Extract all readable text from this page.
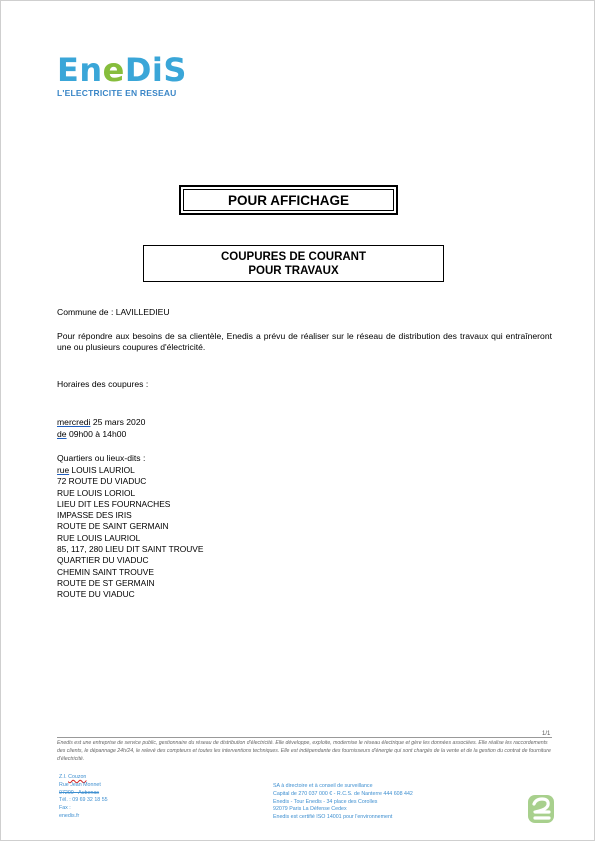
EneDiS
L'ELECTRICITE EN RESEAU
POUR AFFICHAGE
COUPURES DE COURANT
POUR TRAVAUX
Commune de : LAVILLEDIEU
Pour répondre aux besoins de sa clientèle, Enedis a prévu de réaliser sur le réseau de distribution des travaux qui entraîneront une ou plusieurs coupures d'électricité.
Horaires des coupures :
mercredi 25 mars 2020
de 09h00 à 14h00
Quartiers ou lieux-dits :
rue LOUIS LAURIOL
72 ROUTE DU VIADUC
RUE LOUIS LORIOL
LIEU DIT LES FOURNACHES
IMPASSE DES IRIS
ROUTE DE SAINT GERMAIN
RUE LOUIS LAURIOL
85, 117, 280 LIEU DIT SAINT TROUVE
QUARTIER DU VIADUC
CHEMIN SAINT TROUVE
ROUTE DE ST GERMAIN
ROUTE DU VIADUC
1/1
Enedis est une entreprise de service public, gestionnaire du réseau de distribution d'électricité. Elle développe, exploite, modernise le réseau électrique et gère les données associées. Elle réalise les raccordements des clients, le dépannage 24h/24, le relevé des compteurs et toutes les interventions techniques. Elle est indépendante des fournisseurs d'énergie qui sont chargés de la vente et de la gestion du contrat de fourniture d'électricité.
Z.I. Couzon
Rue Jean Monnet
07200 - Aubenas
Tél. : 09 69 32 18 55
Fax :
enedis.fr
SA à directoire et à conseil de surveillance
Capital de 270 037 000 € - R.C.S. de Nanterre 444 608 442
Enedis - Tour Enedis - 34 place des Corolles
92079 Paris La Défense Cedex
Enedis est certifié ISO 14001 pour l'environnement
